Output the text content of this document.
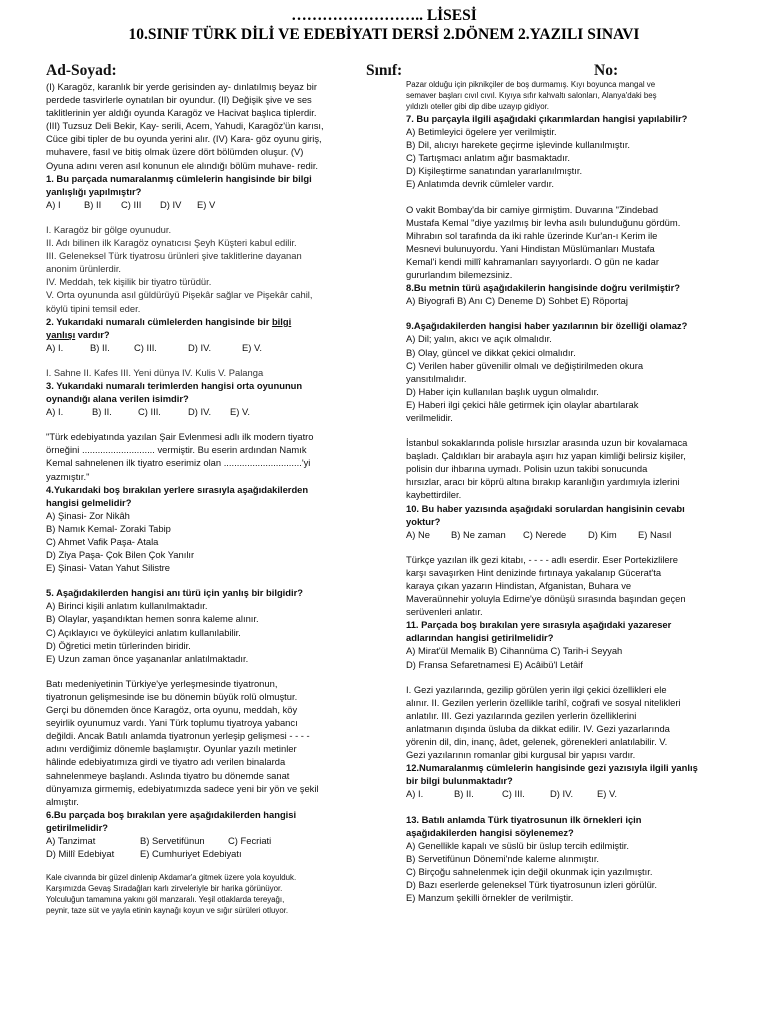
…………………….. LİSESİ
10.SINIF TÜRK DİLİ VE EDEBİYATI DERSİ 2.DÖNEM 2.YAZILI SINAVI
Ad-Soyad:	Sınıf:	No:

(I) Karagöz, karanlık bir yerde gerisinden ay- dınlatılmış beyaz bir

perdede tasvirlerle oynatılan bir oyundur. (II) Değişik şive ve ses

taklitlerinin yer aldığı oyunda Karagöz ve Hacivat başlıca tiplerdir.

(III) Tuzsuz Deli Bekir, Kay- serili, Acem, Yahudi, Karagöz'ün karısı,

Cüce gibi tipler de bu oyunda yerini alır. (IV) Kara- göz oyunu giriş,

muhavere, fasıl ve bitiş olmak üzere dört bölümden oluşur. (V)

Oyuna adını veren asıl konunun ele alındığı bölüm muhave- redir.

1. Bu parçada numaralanmış cümlelerin hangisinde bir bilgi

yanlışlığı yapılmıştır?

A) I	B) II	C) III	D) IV	E) V

I. Karagöz bir gölge oyunudur.

II. Adı bilinen ilk Karagöz oynatıcısı Şeyh Küşteri kabul edilir.

III. Geleneksel Türk tiyatrosu ürünleri şive taklitlerine dayanan

anonim ürünlerdir.

IV. Meddah, tek kişilik bir tiyatro türüdür.

V. Orta oyununda asıl güldürüyü Pişekâr sağlar ve Pişekâr cahil,

köylü tipini temsil eder.

2. Yukarıdaki numaralı cümlelerden hangisinde bir bilgi

yanlışı vardır?

A) I.	B) II.	C) III.	D) IV.	E) V.

I. Sahne II. Kafes III. Yeni dünya IV. Kulis V. Palanga

3. Yukarıdaki numaralı terimlerden hangisi orta oyununun

oynandığı alana verilen isimdir?

A) I.	B) II.	C) III.	D) IV.	E) V.

"Türk edebiyatında yazılan Şair Evlenmesi adlı ilk modern tiyatro

örneğini ............................ vermiştir. Bu eserin ardından Namık

Kemal sahnelenen ilk tiyatro eserimiz olan ..............................'yi

yazmıştır."

4.Yukarıdaki boş bırakılan yerlere sırasıyla aşağıdakilerden

hangisi gelmelidir?

A) Şinasi- Zor Nikâh

B) Namık Kemal- Zoraki Tabip

C) Ahmet Vafik Paşa- Atala

D) Ziya Paşa- Çok Bilen Çok Yanılır

E) Şinasi- Vatan Yahut Silistre

5. Aşağıdakilerden hangisi anı türü için yanlış bir bilgidir?

A) Birinci kişili anlatım kullanılmaktadır.

B) Olaylar, yaşandıktan hemen sonra kaleme alınır.

C) Açıklayıcı ve öyküleyici anlatım kullanılabilir.

D) Öğretici metin türlerinden biridir.

E) Uzun zaman önce yaşananlar anlatılmaktadır.

Batı medeniyetinin Türkiye'ye yerleşmesinde tiyatronun,

tiyatronun gelişmesinde ise bu dönemin büyük rolü olmuştur.

Gerçi bu dönemden önce Karagöz, orta oyunu, meddah, köy

seyirlik oyunumuz vardı. Yani Türk toplumu tiyatroya yabancı

değildi. Ancak Batılı anlamda tiyatronun yerleşip gelişmesi - - - -

adını verdiğimiz dönemle başlamıştır. Oyunlar yazılı metinler

hâlinde edebiyatımıza girdi ve tiyatro adı verilen binalarda

sahnelenmeye başlandı. Aslında tiyatro bu dönemde sanat

dünyamıza girmemiş, edebiyatımızda sadece yeni bir yön ve şekil

almıştır.

6.Bu parçada boş bırakılan yere aşağıdakilerden hangisi

getirilmelidir?

A) Tanzimat	B) Servetifünun	C) Fecriati
D) Millî Edebiyat	E) Cumhuriyet Edebiyatı

Kale civarında bir güzel dinlenip Akdamar'a gitmek üzere yola koyulduk.

Karşımızda Gevaş Sıradağları karlı zirveleriyle bir harika görünüyor.

Yolculuğun tamamına yakını göl manzaralı. Yeşil otlaklarda tereyağı,

peynir, taze süt ve yayla etinin kaynağı koyun ve sığır sürüleri otluyor.

Pazar olduğu için piknikçiler de boş durmamış. Kıyı boyunca mangal ve

semaver başları cıvıl cıvıl. Kıyıya sıfır kahvaltı salonları, Alanya'daki beş

yıldızlı oteller gibi dip dibe uzayıp gidiyor.

7. Bu parçayla ilgili aşağıdaki çıkarımlardan hangisi yapılabilir?

A) Betimleyici ögelere yer verilmiştir.

B) Dil, alıcıyı harekete geçirme işlevinde kullanılmıştır.

C) Tartışmacı anlatım ağır basmaktadır.

D) Kişileştirme sanatından yararlanılmıştır.

E) Anlatımda devrik cümleler vardır.

O vakit Bombay'da bir camiye girmiştim. Duvarına "Zindebad

Mustafa Kemal "diye yazılmış bir levha asılı bulunduğunu gördüm.

Mihrabın sol tarafında da iki rahle üzerinde Kur'an-ı Kerim ile

Mesnevi bulunuyordu. Yani Hindistan Müslümanları Mustafa

Kemal'i kendi millî kahramanları sayıyorlardı. O gün ne kadar

gururlandım bilemezsiniz.

8.Bu metnin türü aşağıdakilerin hangisinde doğru verilmiştir?

A) Biyografi B) Anı C) Deneme D) Sohbet E) Röportaj

9.Aşağıdakilerden hangisi haber yazılarının bir özelliği olamaz?

A) Dil; yalın, akıcı ve açık olmalıdır.

B) Olay, güncel ve dikkat çekici olmalıdır.

C) Verilen haber güvenilir olmalı ve değiştirilmeden okura

yansıtılmalıdır.

D) Haber için kullanılan başlık uygun olmalıdır.

E) Haberi ilgi çekici hâle getirmek için olaylar abartılarak

verilmelidir.

İstanbul sokaklarında polisle hırsızlar arasında uzun bir kovalamaca

başladı. Çaldıkları bir arabayla aşırı hız yapan kimliği belirsiz kişiler,

polisin dur ihbarına uymadı. Polisin uzun takibi sonucunda

hırsızlar, aracı bir köprü altına bırakıp karanlığın yardımıyla izlerini

kaybettirdiler.

10. Bu haber yazısında aşağıdaki sorulardan hangisinin cevabı

yoktur?

A) Ne	B) Ne zaman	C) Nerede	D) Kim	E) Nasıl

Türkçe yazılan ilk gezi kitabı, - - - - adlı eserdir. Eser Portekizlilere

karşı savaşırken Hint denizinde fırtınaya yakalanıp Gücerat'ta

karaya çıkan yazarın Hindistan, Afganistan, Buhara ve

Maveraünnehir yoluyla Edirne'ye dönüşü sırasında başından geçen

serüvenleri anlatır.

11. Parçada boş bırakılan yere sırasıyla aşağıdaki yazareser

adlarından hangisi getirilmelidir?

A) Mirat'ül Memalik B) Cihannüma C) Tarih-i Seyyah

D) Fransa Sefaretnamesi E) Acâibü'l Letâif

I. Gezi yazılarında, gezilip görülen yerin ilgi çekici özellikleri ele

alınır. II. Gezilen yerlerin özellikle tarihî, coğrafi ve sosyal nitelikleri

anlatılır. III. Gezi yazılarında gezilen yerlerin özelliklerini

anlatmanın dışında üsluba da dikkat edilir. IV. Gezi yazarlarında

yörenin dil, din, inanç, âdet, gelenek, görenekleri anlatılabilir. V.

Gezi yazılarının romanlar gibi kurgusal bir yapısı vardır.

12.Numaralanmış cümlelerin hangisinde gezi yazısıyla ilgili yanlış

bir bilgi bulunmaktadır?

A) I.	B) II.	C) III.	D) IV.	E) V.

13. Batılı anlamda Türk tiyatrosunun ilk örnekleri için

aşağıdakilerden hangisi söylenemez?

A) Genellikle kapalı ve süslü bir üslup tercih edilmiştir.

B) Servetifünun Dönemi'nde kaleme alınmıştır.

C) Birçoğu sahnelenmek için değil okunmak için yazılmıştır.

D) Bazı eserlerde geleneksel Türk tiyatrosunun izleri görülür.

E) Manzum şekilli örnekler de verilmiştir.
